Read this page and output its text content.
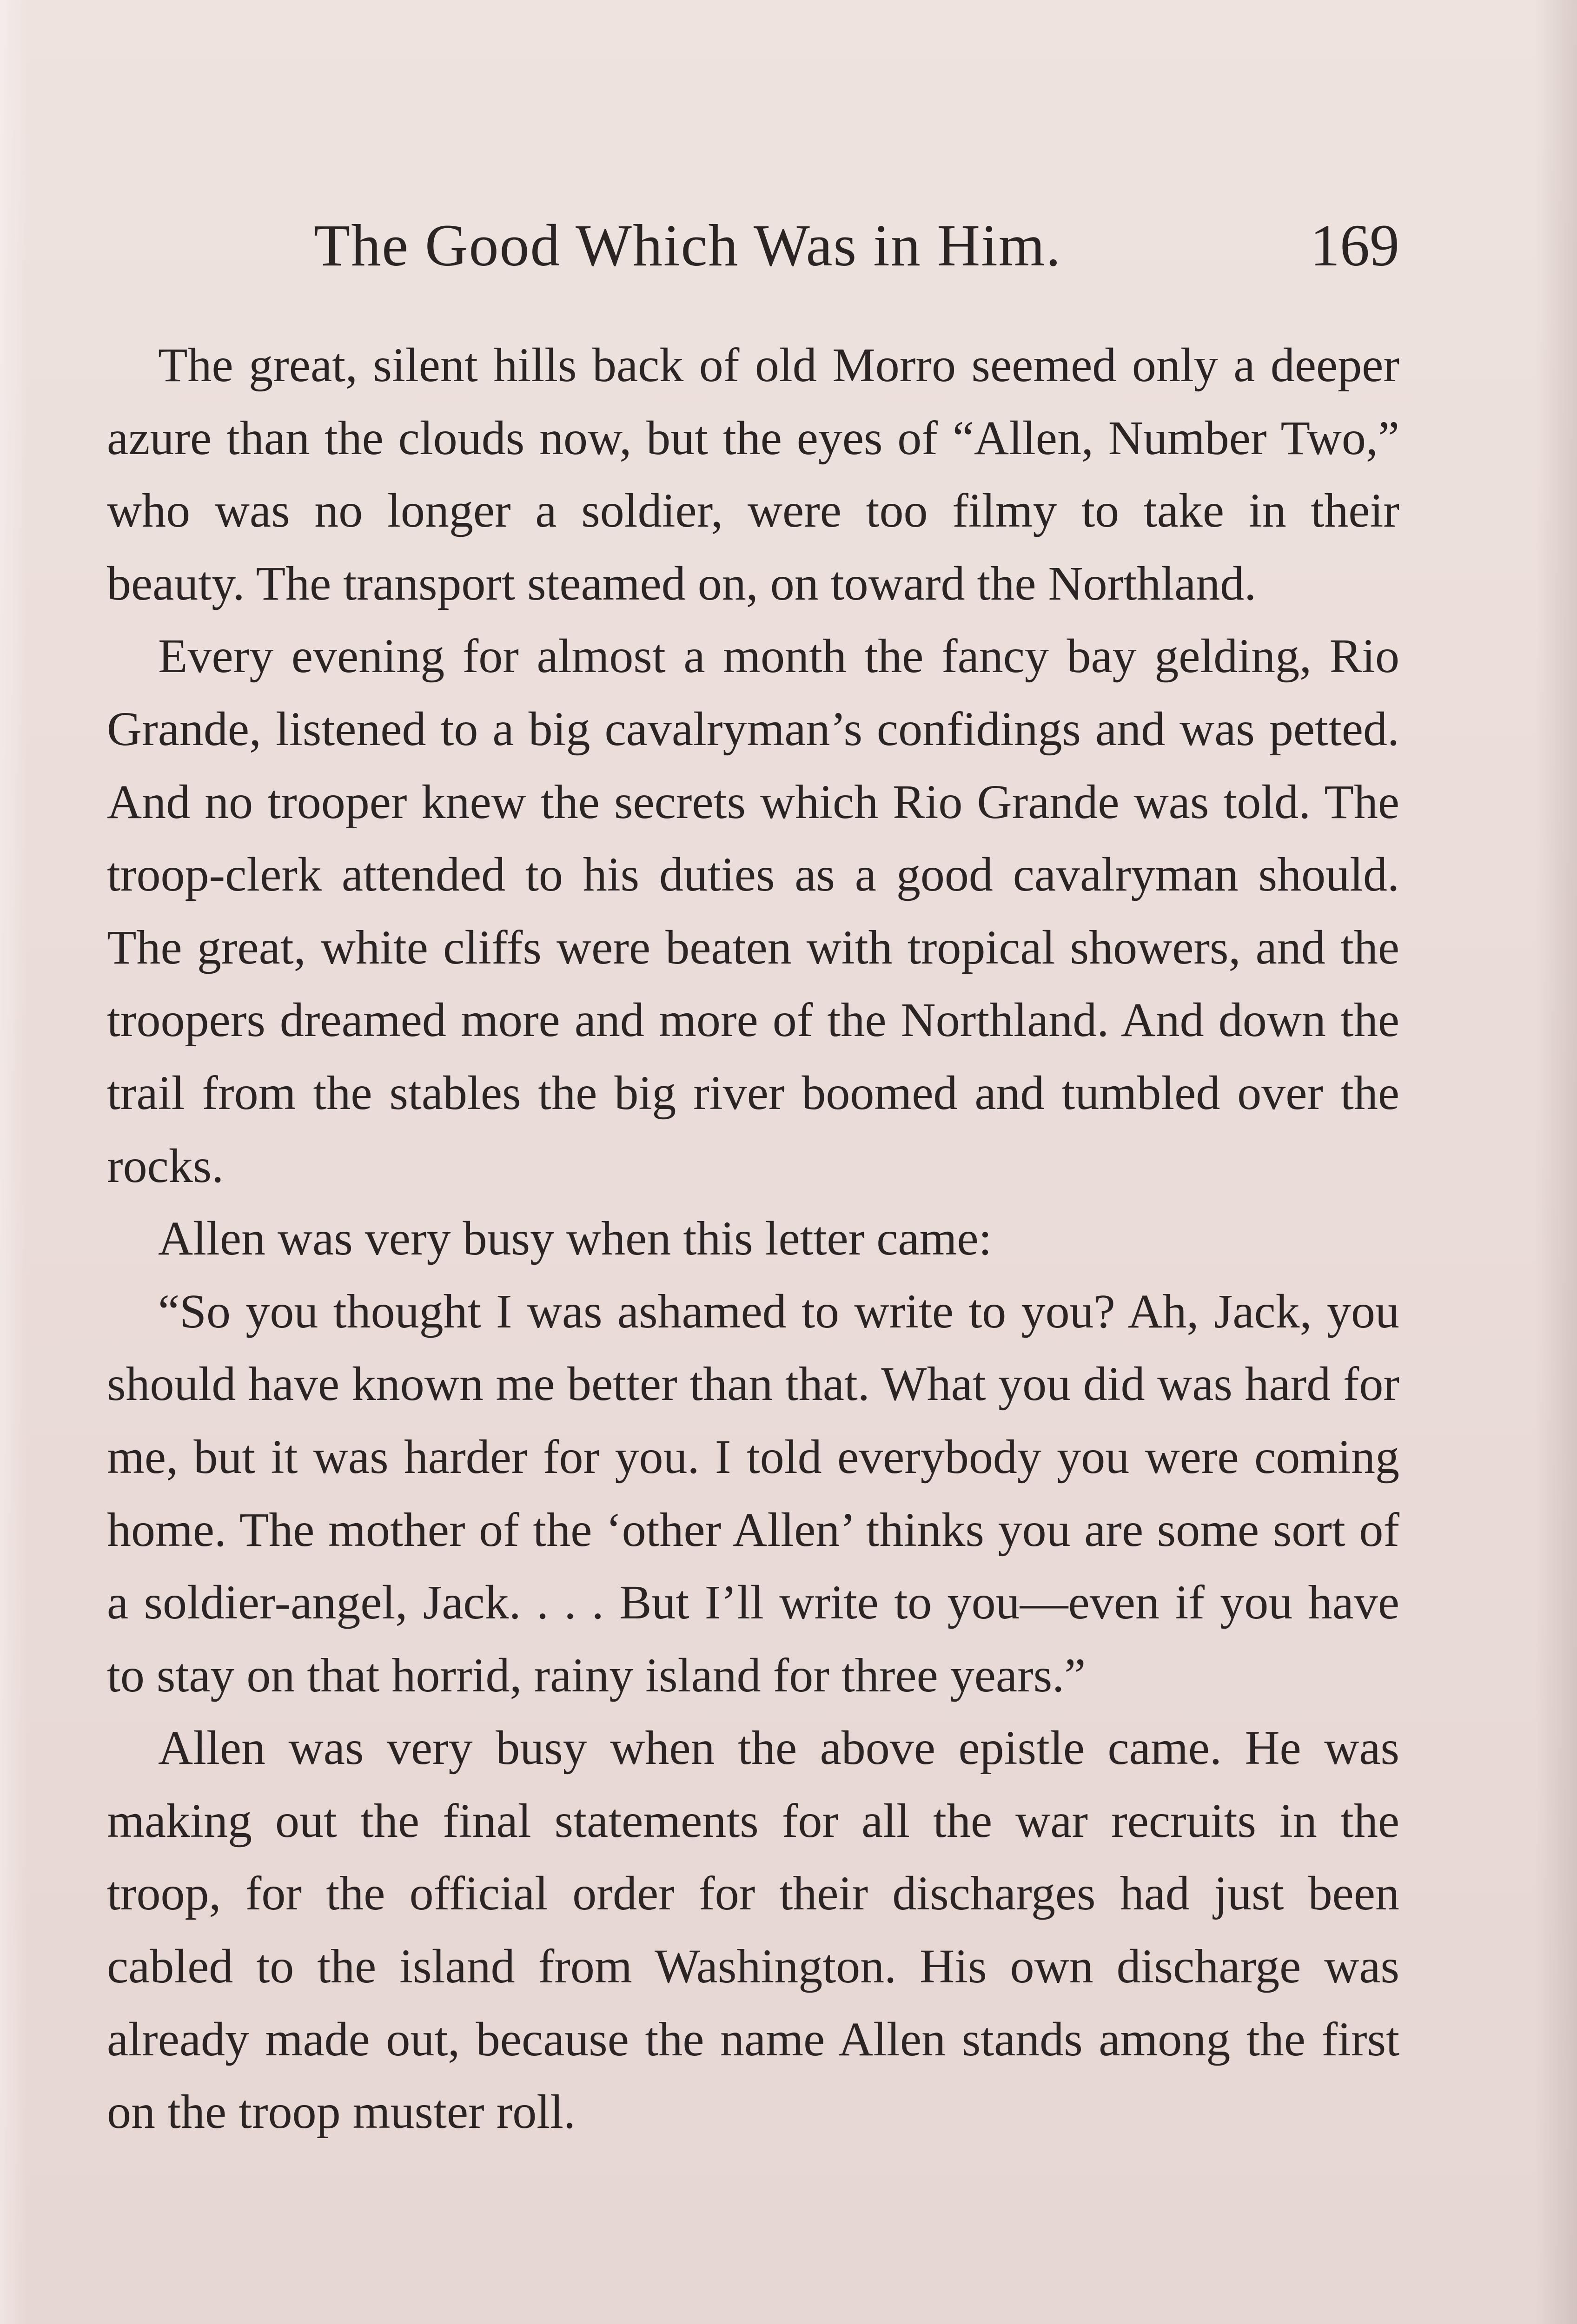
The Good Which Was in Him.	169

The great, silent hills back of old Morro seemed only a deeper azure than the clouds now, but the eyes of “Allen, Number Two,” who was no longer a soldier, were too filmy to take in their beauty. The transport steamed on, on toward the Northland.

Every evening for almost a month the fancy bay gelding, Rio Grande, listened to a big cavalryman’s confidings and was petted. And no trooper knew the secrets which Rio Grande was told. The troop-clerk attended to his duties as a good cavalryman should. The great, white cliffs were beaten with tropical showers, and the troopers dreamed more and more of the Northland. And down the trail from the stables the big river boomed and tumbled over the rocks.

Allen was very busy when this letter came:

“So you thought I was ashamed to write to you? Ah, Jack, you should have known me better than that. What you did was hard for me, but it was harder for you. I told everybody you were coming home. The mother of the ‘other Allen’ thinks you are some sort of a soldier-angel, Jack. . . . But I’ll write to you—even if you have to stay on that horrid, rainy island for three years.”

Allen was very busy when the above epistle came. He was making out the final statements for all the war recruits in the troop, for the official order for their discharges had just been cabled to the island from Washington. His own discharge was already made out, because the name Allen stands among the first on the troop muster roll.
